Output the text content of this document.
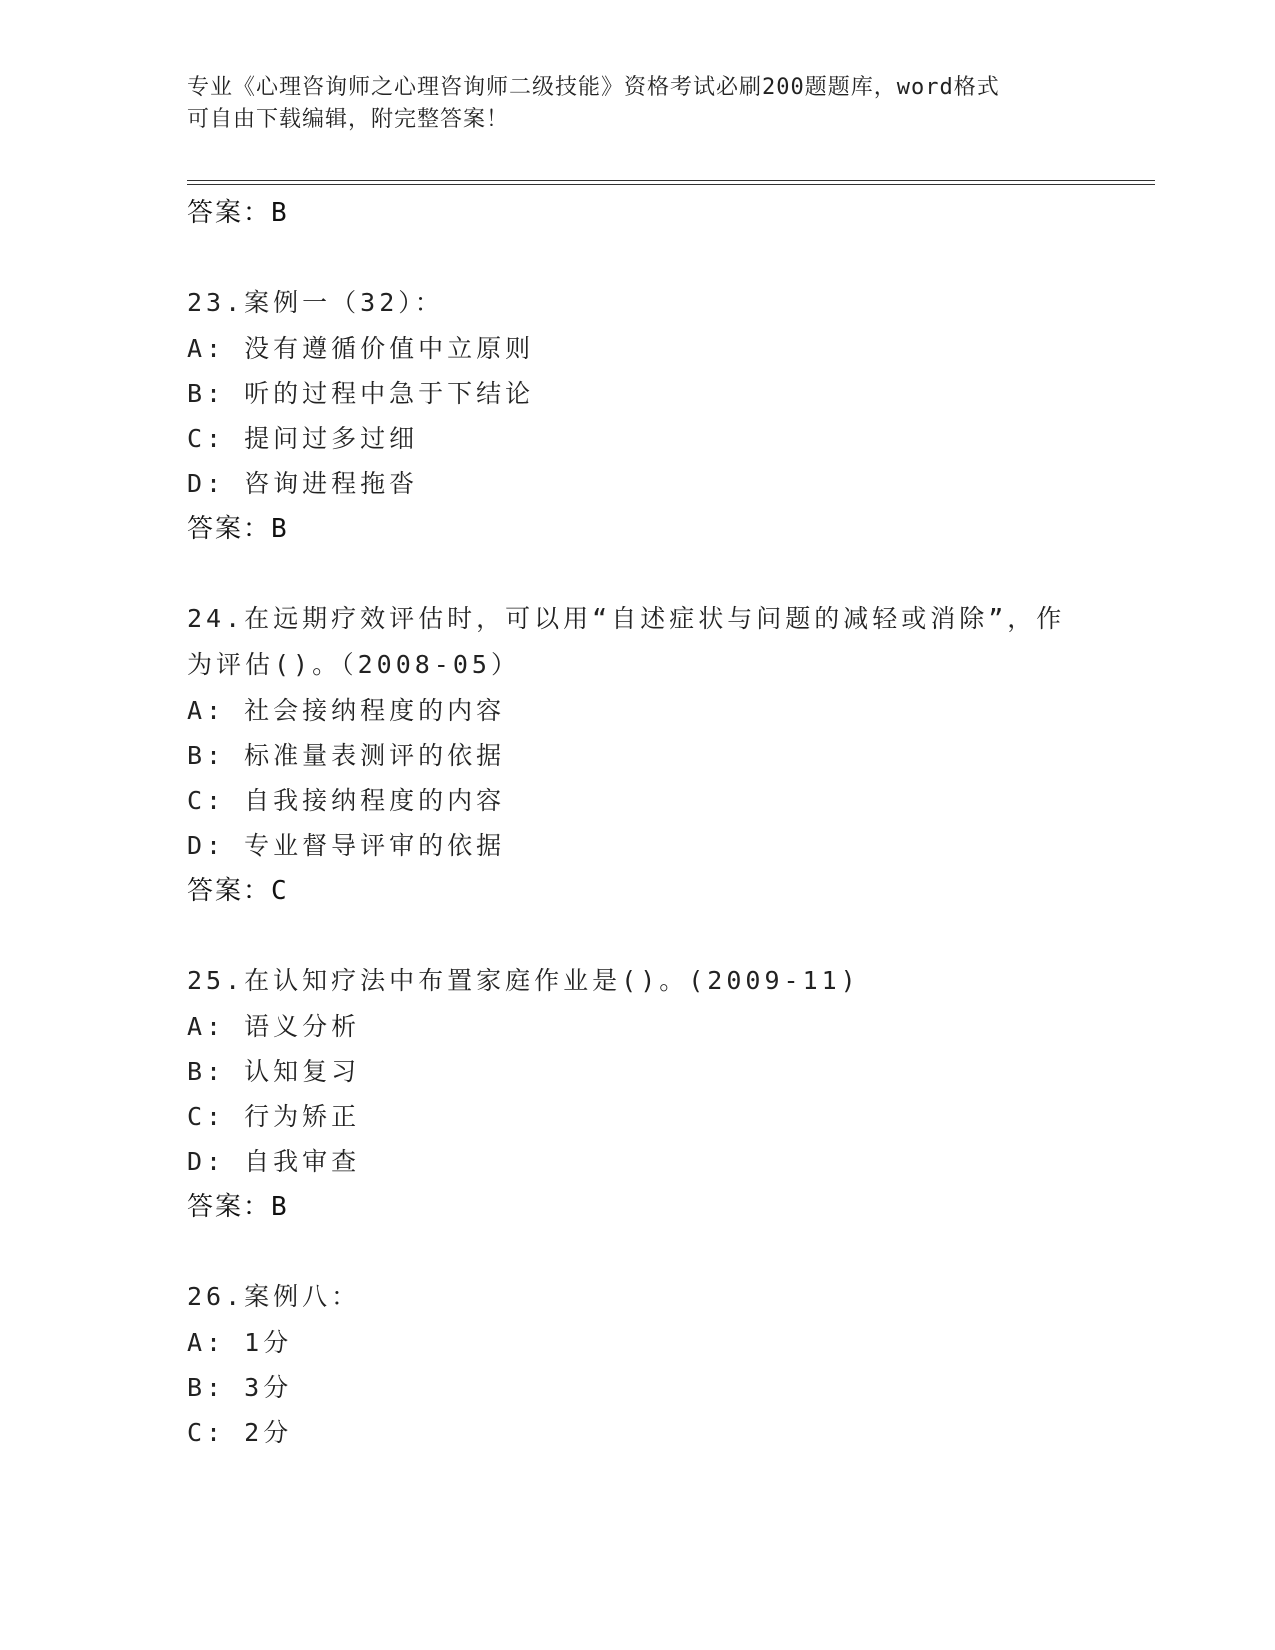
专业《心理咨询师之心理咨询师二级技能》资格考试必刷200题题库，word格式
可自由下载编辑，附完整答案！
答案：B
23.案例一（32）：
A: 没有遵循价值中立原则
B: 听的过程中急于下结论
C: 提问过多过细
D: 咨询进程拖沓
答案：B
24.在远期疗效评估时，可以用“自述症状与问题的减轻或消除”，作
为评估()。（2008-05）
A: 社会接纳程度的内容
B: 标准量表测评的依据
C: 自我接纳程度的内容
D: 专业督导评审的依据
答案：C
25.在认知疗法中布置家庭作业是()。(2009-11)
A: 语义分析
B: 认知复习
C: 行为矫正
D: 自我审查
答案：B
26.案例八：
A: 1分
B: 3分
C: 2分
